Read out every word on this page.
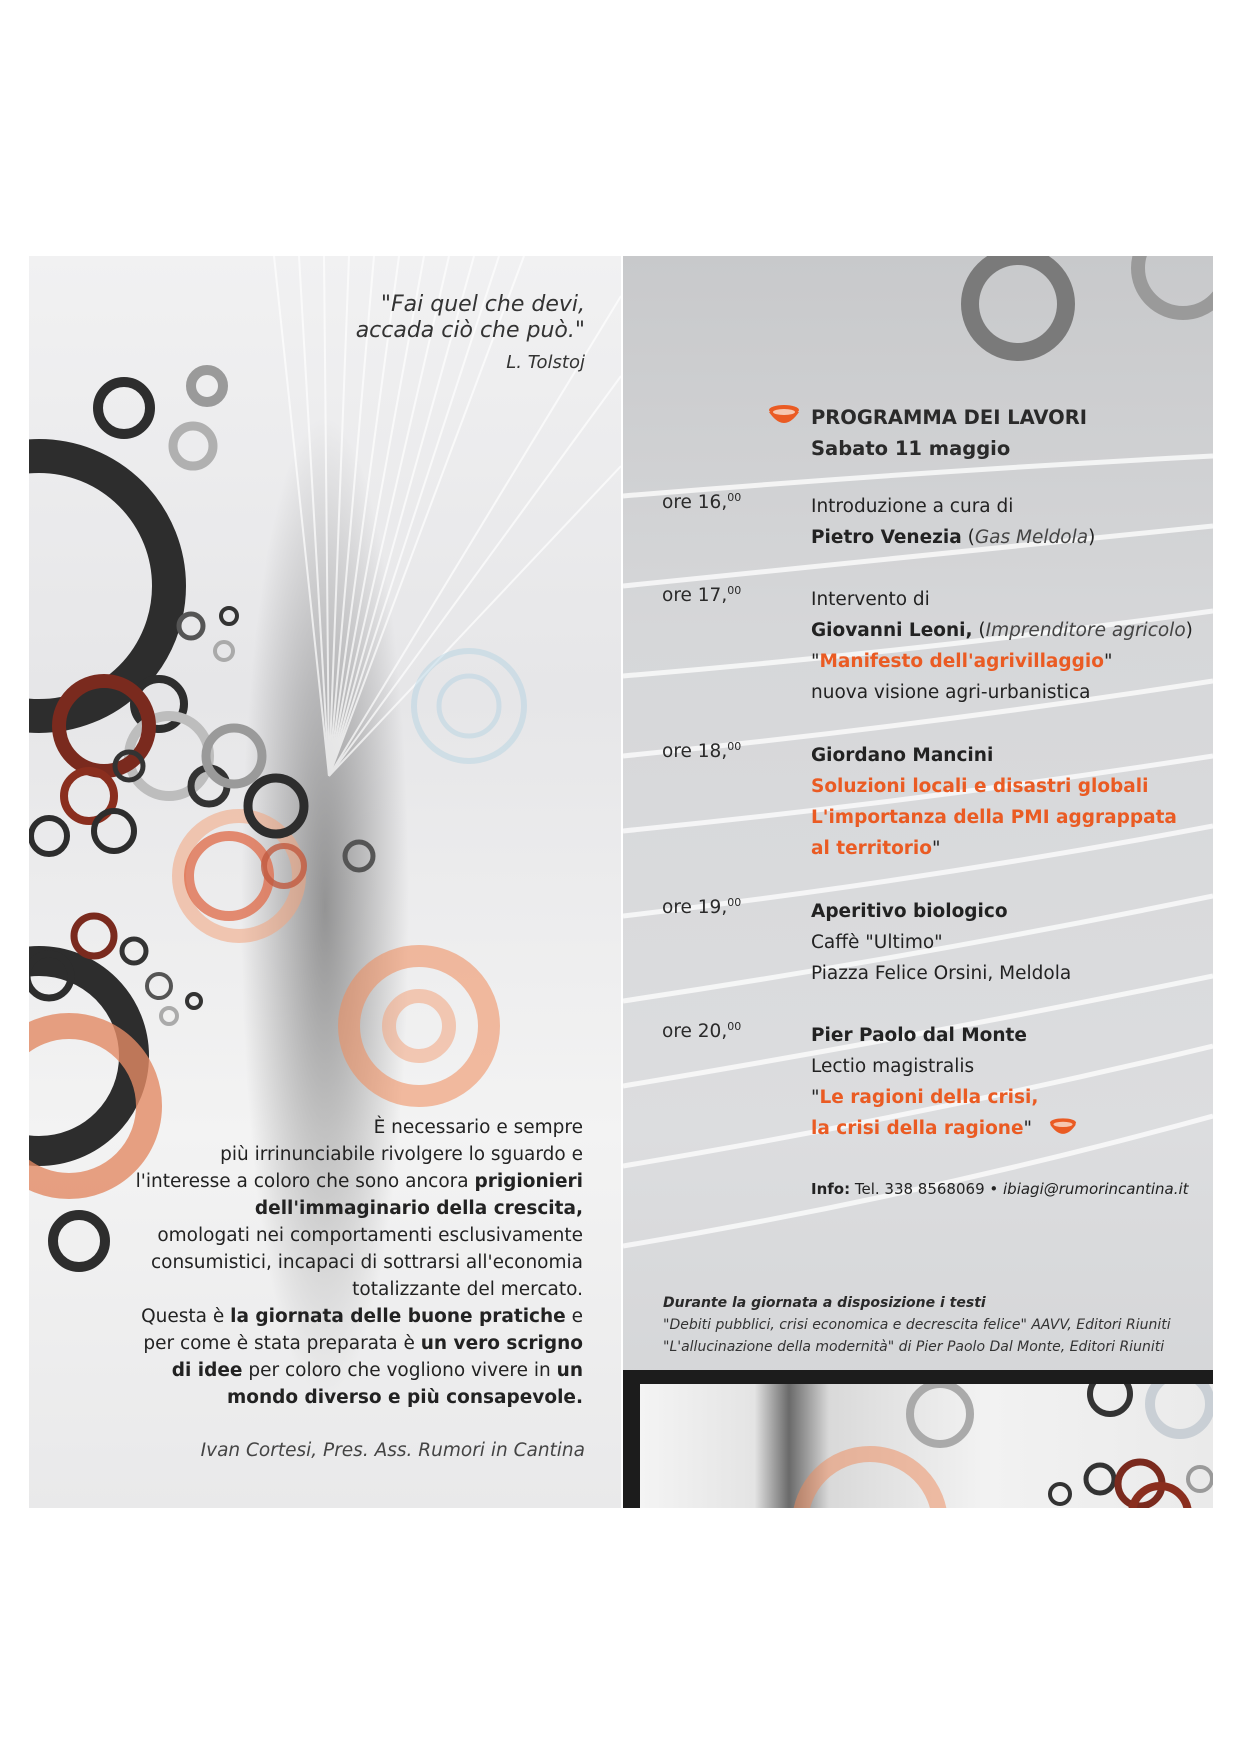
"Fai quel che devi,
accada ciò che può."
L. Tolstoj

È necessario e sempre
più irrinunciabile rivolgere lo sguardo e
l'interesse a coloro che sono ancora prigionieri
dell'immaginario della crescita,
omologati nei comportamenti esclusivamente
consumistici, incapaci di sottrarsi all'economia
totalizzante del mercato.
Questa è la giornata delle buone pratiche e
per come è stata preparata è un vero scrigno
di idee per coloro che vogliono vivere in un
mondo diverso e più consapevole.

Ivan Cortesi, Pres. Ass. Rumori in Cantina

PROGRAMMA DEI LAVORI
Sabato 11 maggio
ore 16,00	Introduzione a cura di
Pietro Venezia (Gas Meldola)
ore 17,00	Intervento di
Giovanni Leoni, (Imprenditore agricolo)
"Manifesto dell'agrivillaggio"
nuova visione agri-urbanistica
ore 18,00	Giordano Mancini
Soluzioni locali e disastri globali
L'importanza della PMI aggrappata
al territorio"
ore 19,00	Aperitivo biologico
Caffè "Ultimo"
Piazza Felice Orsini, Meldola
ore 20,00	Pier Paolo dal Monte
Lectio magistralis
"Le ragioni della crisi,
la crisi della ragione"

Info: Tel. 338 8568069 • ibiagi@rumorincantina.it

Durante la giornata a disposizione i testi
"Debiti pubblici, crisi economica e decrescita felice" AAVV, Editori Riuniti
"L'allucinazione della modernità" di Pier Paolo Dal Monte, Editori Riuniti
